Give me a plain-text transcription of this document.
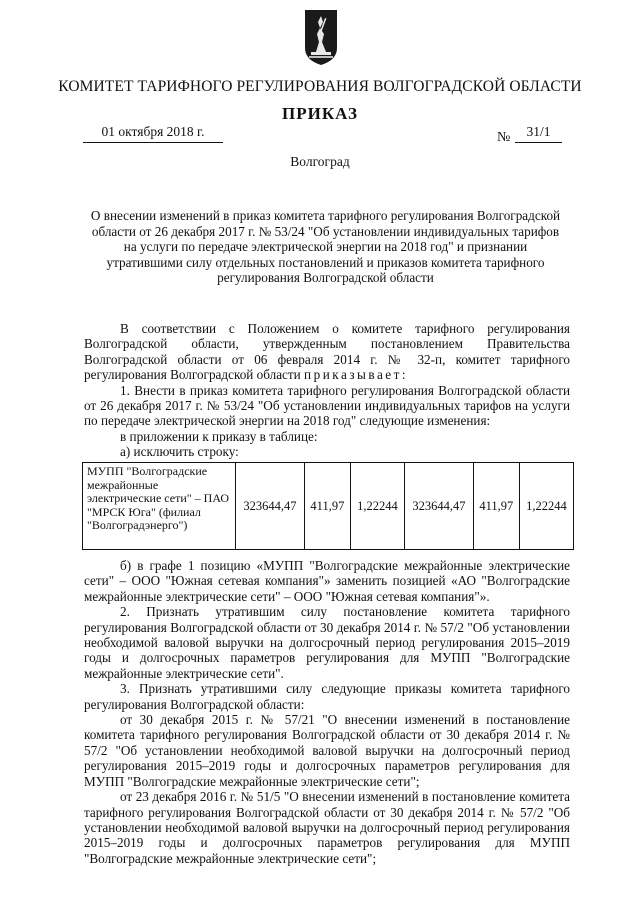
КОМИТЕТ ТАРИФНОГО РЕГУЛИРОВАНИЯ ВОЛГОГРАДСКОЙ ОБЛАСТИ
ПРИКАЗ
01 октября 2018 г.	№	31/1
Волгоград
О внесении изменений в приказ комитета тарифного регулирования Волгоградской области от 26 декабря 2017 г. № 53/24 "Об установлении индивидуальных тарифов на услуги по передаче электрической энергии на 2018 год" и признании утратившими силу отдельных постановлений и приказов комитета тарифного регулирования Волгоградской области

В соответствии с Положением о комитете тарифного регулирования Волгоградской области, утвержденным постановлением Правительства Волгоградской области от 06 февраля 2014 г. № 32-п, комитет тарифного регулирования Волгоградской области приказывает:

1. Внести в приказ комитета тарифного регулирования Волгоградской области от 26 декабря 2017 г. № 53/24 "Об установлении индивидуальных тарифов на услуги по передаче электрической энергии на 2018 год" следующие изменения:

в приложении к приказу в таблице:

а) исключить строку:

МУПП "Волгоградские межрайонные электрические сети" – ПАО "МРСК Юга" (филиал "Волгоградэнерго")	323644,47	411,97	1,22244	323644,47	411,97	1,22244

б) в графе 1 позицию «МУПП "Волгоградские межрайонные электрические сети" – ООО "Южная сетевая компания"» заменить позицией «АО "Волгоградские межрайонные электрические сети" – ООО "Южная сетевая компания"».

2. Признать утратившим силу постановление комитета тарифного регулирования Волгоградской области от 30 декабря 2014 г. № 57/2 "Об установлении необходимой валовой выручки на долгосрочный период регулирования 2015–2019 годы и долгосрочных параметров регулирования для МУПП "Волгоградские межрайонные электрические сети".

3. Признать утратившими силу следующие приказы комитета тарифного регулирования Волгоградской области:

от 30 декабря 2015 г. № 57/21 "О внесении изменений в постановление комитета тарифного регулирования Волгоградской области от 30 декабря 2014 г. № 57/2 "Об установлении необходимой валовой выручки на долгосрочный период регулирования 2015–2019 годы и долгосрочных параметров регулирования для МУПП "Волгоградские межрайонные электрические сети";

от 23 декабря 2016 г. № 51/5 "О внесении изменений в постановление комитета тарифного регулирования Волгоградской области от 30 декабря 2014 г. № 57/2 "Об установлении необходимой валовой выручки на долгосрочный период регулирования 2015–2019 годы и долгосрочных параметров регулирования для МУПП "Волгоградские межрайонные электрические сети";
